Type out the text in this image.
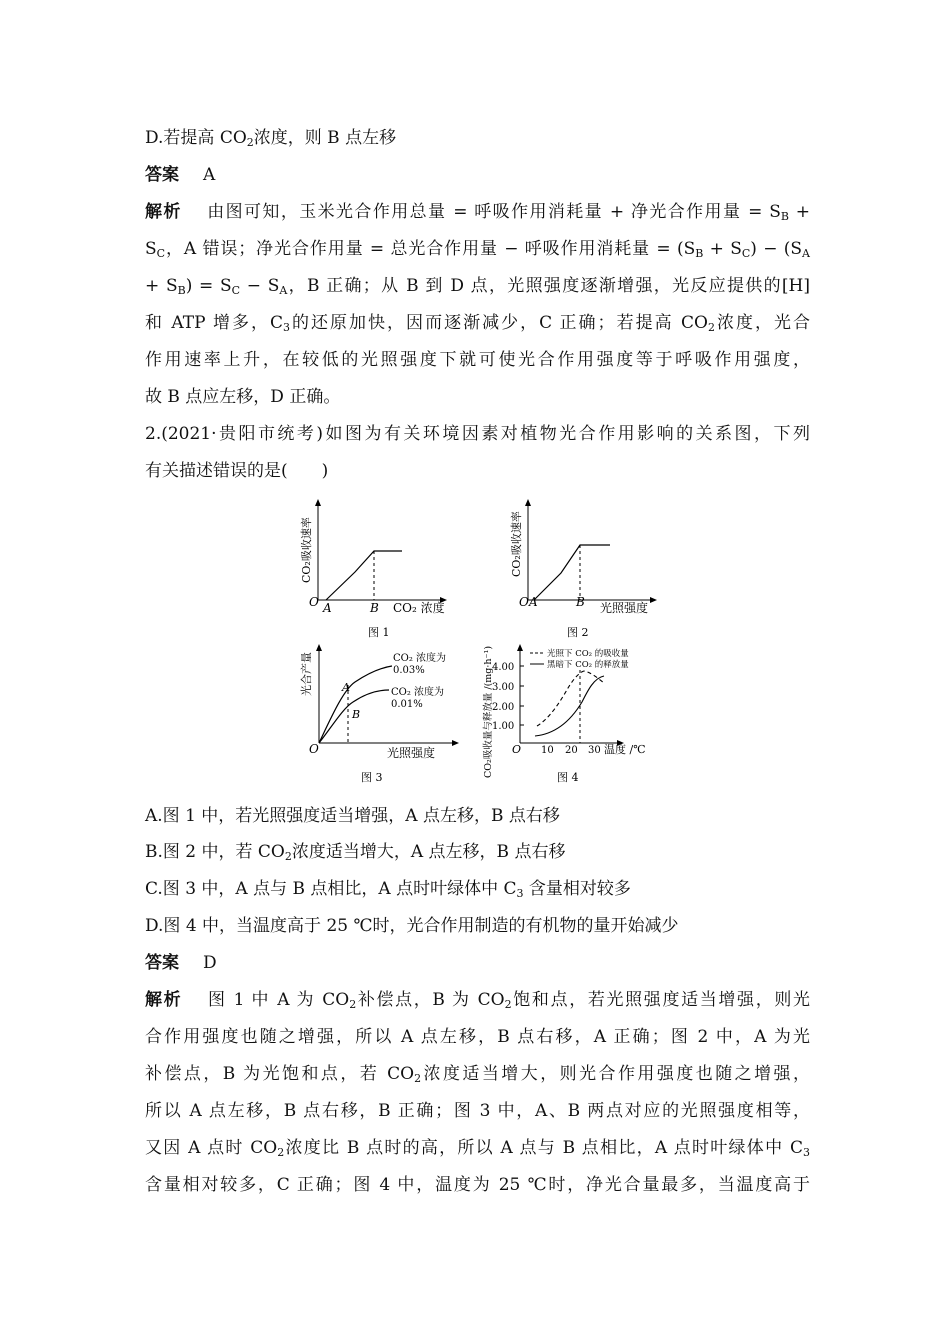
D.若提高 $CO_2$浓度，则 B 点左移
答案 A
解析 由图可知，玉米光合作用总量 = 呼吸作用消耗量 + 净光合作用量 = $S_B$ +
$S_C$，A 错误；净光合作用量 = 总光合作用量 − 呼吸作用消耗量 = $(S_B + S_C) - (S_A$
+ $S_B) = S_C - S_A$，B 正确；从 B 到 D 点，光照强度逐渐增强，光反应提供的[H]
和 ATP 增多，$C_3$的还原加快，因而逐渐减少，C 正确；若提高 $CO_2$浓度，光合
作用速率上升，在较低的光照强度下就可使光合作用强度等于呼吸作用强度，
故 B 点应左移，D 正确。
2.(2021·贵阳市统考)如图为有关环境因素对植物光合作用影响的关系图，下列
有关描述错误的是(　　)
O A	B CO₂ 浓度
CO₂吸收速率
图 1
O A	B 光照强度
CO₂吸收速率
图 2
A
B
CO₂ 浓度为
0.03%
CO₂ 浓度为
0.01%
O	光照强度
光合产量
图 3
1.00
2.00
3.00
4.00
10 20 30
O	温度 /℃
CO₂吸收量与释放量 /(mg·h⁻¹)	光照下 CO₂ 的吸收量
黑暗下 CO₂ 的释放量
图 4
A.图 1 中，若光照强度适当增强，A 点左移，B 点右移
B.图 2 中，若 $CO_2$浓度适当增大，A 点左移，B 点右移
C.图 3 中，A 点与 B 点相比，A 点时叶绿体中 $C_3$ 含量相对较多
D.图 4 中，当温度高于 25 ℃时，光合作用制造的有机物的量开始减少
答案 D
解析 图 1 中 A 为 $CO_2$补偿点，B 为 $CO_2$饱和点，若光照强度适当增强，则光
合作用强度也随之增强，所以 A 点左移，B 点右移，A 正确；图 2 中，A 为光
补偿点，B 为光饱和点，若 $CO_2$浓度适当增大，则光合作用强度也随之增强，
所以 A 点左移，B 点右移，B 正确；图 3 中，A、B 两点对应的光照强度相等，
又因 A 点时 $CO_2$浓度比 B 点时的高，所以 A 点与 B 点相比，A 点时叶绿体中 $C_3$
含量相对较多，C 正确；图 4 中，温度为 25 ℃时，净光合量最多，当温度高于
